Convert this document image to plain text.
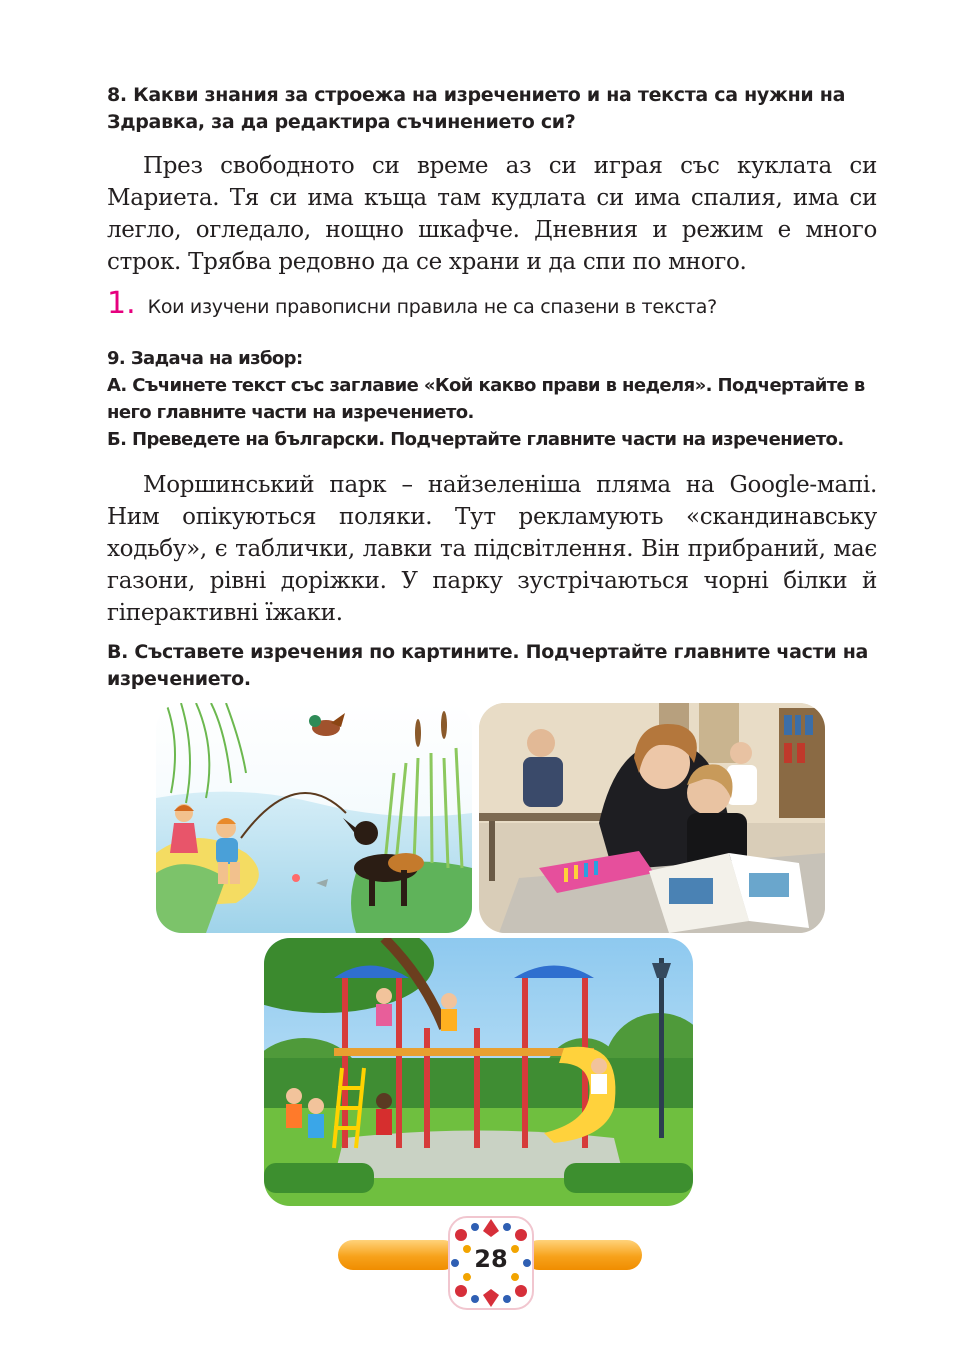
8. Какви знания за строежа на изречението и на текста са нужни на Здравка, за да редактира съчинението си?
През свободното си време аз си играя със куклата си Мариета. Тя си има къща там кудлата си има спалия, има си легло, огледало, нощно шкафче. Дневния и режим е много строк. Трябва редовно да се храни и да спи по много.
1. Кои изучени правописни правила не са спазени в текста?
9. Задача на избор:
А. Съчинете текст със заглавие «Кой какво прави в неделя». Подчертайте в него главните части на изречението.
Б. Преведете на български. Подчертайте главните части на изречението.
Моршинський парк – найзеленіша пляма на Google-мапі. Ним опікуються поляки. Тут рекламують «скандинавську ходьбу», є таблички, лавки та підсвітлення. Він прибраний, має газони, рівні доріжки. У парку зустрічаються чорні білки й гіперактивні їжаки.
В. Съставете изречения по картините. Подчертайте главните части на изречението.
28
